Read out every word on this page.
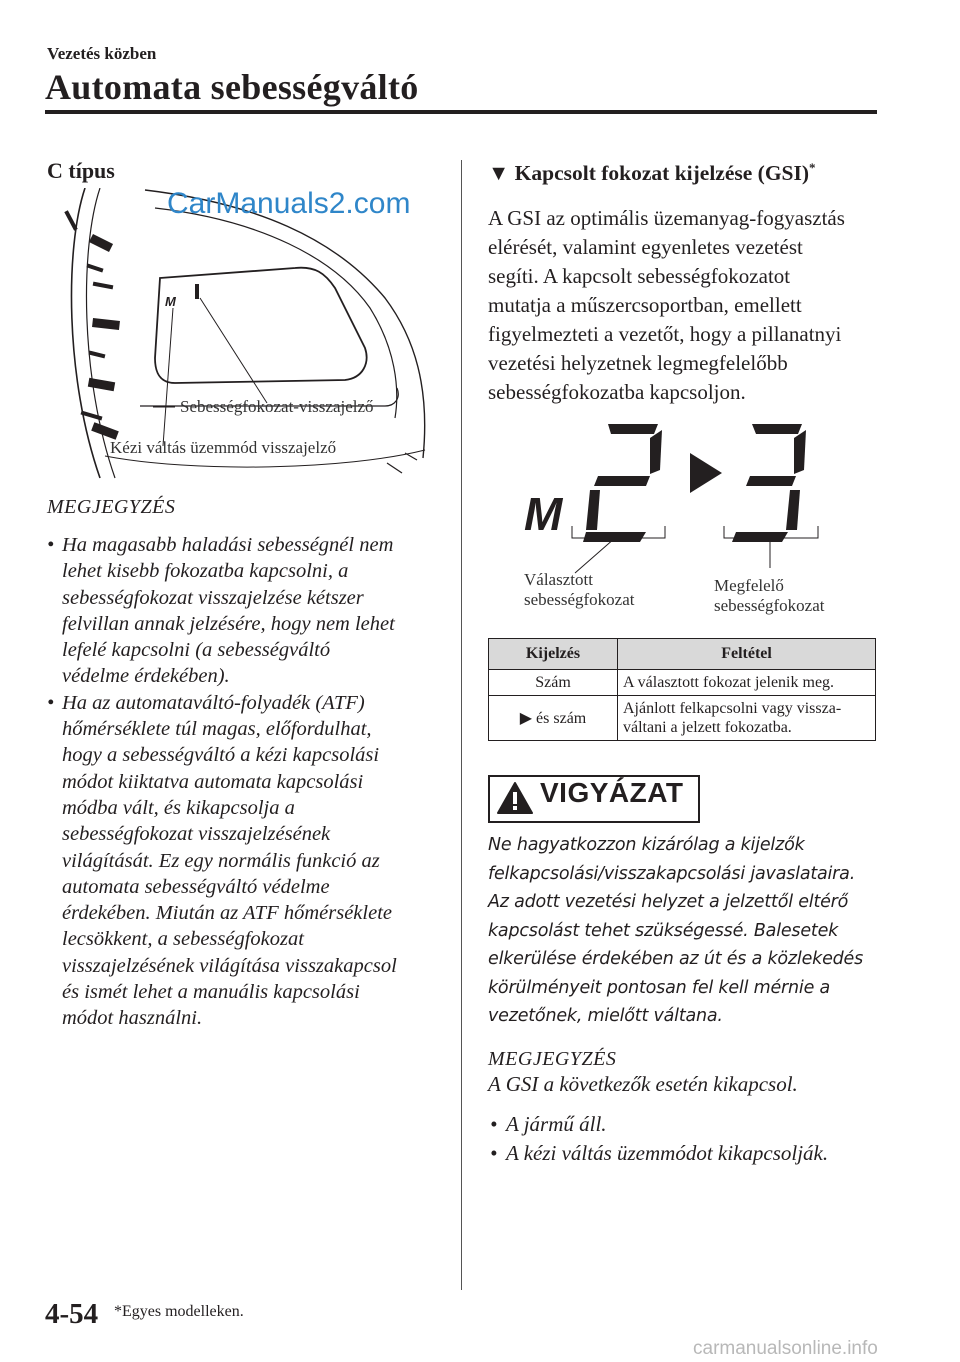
Vezetés közben
Automata sebességváltó
C típus
M
Sebességfokozat-visszajelző
Kézi váltás üzemmód visszajelző
MEGJEGYZÉS
• Ha magasabb haladási sebességnél nem
lehet kisebb fokozatba kapcsolni, a
sebességfokozat visszajelzése kétszer
felvillan annak jelzésére, hogy nem lehet
lefelé kapcsolni (a sebességváltó
védelme érdekében).
• Ha az automataváltó-folyadék (ATF)
hőmérséklete túl magas, előfordulhat,
hogy a sebességváltó a kézi kapcsolási
módot kiiktatva automata kapcsolási
módba vált, és kikapcsolja a
sebességfokozat visszajelzésének
világítását. Ez egy normális funkció az
automata sebességváltó védelme
érdekében. Miután az ATF hőmérséklete
lecsökkent, a sebességfokozat
visszajelzésének világítása visszakapcsol
és ismét lehet a manuális kapcsolási
módot használni.
▼ Kapcsolt fokozat kijelzése (GSI)*
A GSI az optimális üzemanyag-fogyasztás
elérését, valamint egyenletes vezetést
segíti. A kapcsolt sebességfokozatot
mutatja a műszercsoportban, emellett
figyelmezteti a vezetőt, hogy a pillanatnyi
vezetési helyzetnek legmegfelelőbb
sebességfokozatba kapcsoljon.
M
Választott
sebességfokozat
Megfelelő
sebességfokozat
Kijelzés	Feltétel
Szám	A választott fokozat jelenik meg.
▶ és szám	Ajánlott felkapcsolni vagy vissza-
váltani a jelzett fokozatba.
VIGYÁZAT
Ne hagyatkozzon kizárólag a kijelzők
felkapcsolási/visszakapcsolási javaslataira.
Az adott vezetési helyzet a jelzettől eltérő
kapcsolást tehet szükségessé. Balesetek
elkerülése érdekében az út és a közlekedés
körülményeit pontosan fel kell mérnie a
vezetőnek, mielőtt váltana.
MEGJEGYZÉS
A GSI a következők esetén kikapcsol.
• A jármű áll.
• A kézi váltás üzemmódot kikapcsolják.
4-54 *Egyes modelleken.
CarManuals2.com
carmanualsonline.info
